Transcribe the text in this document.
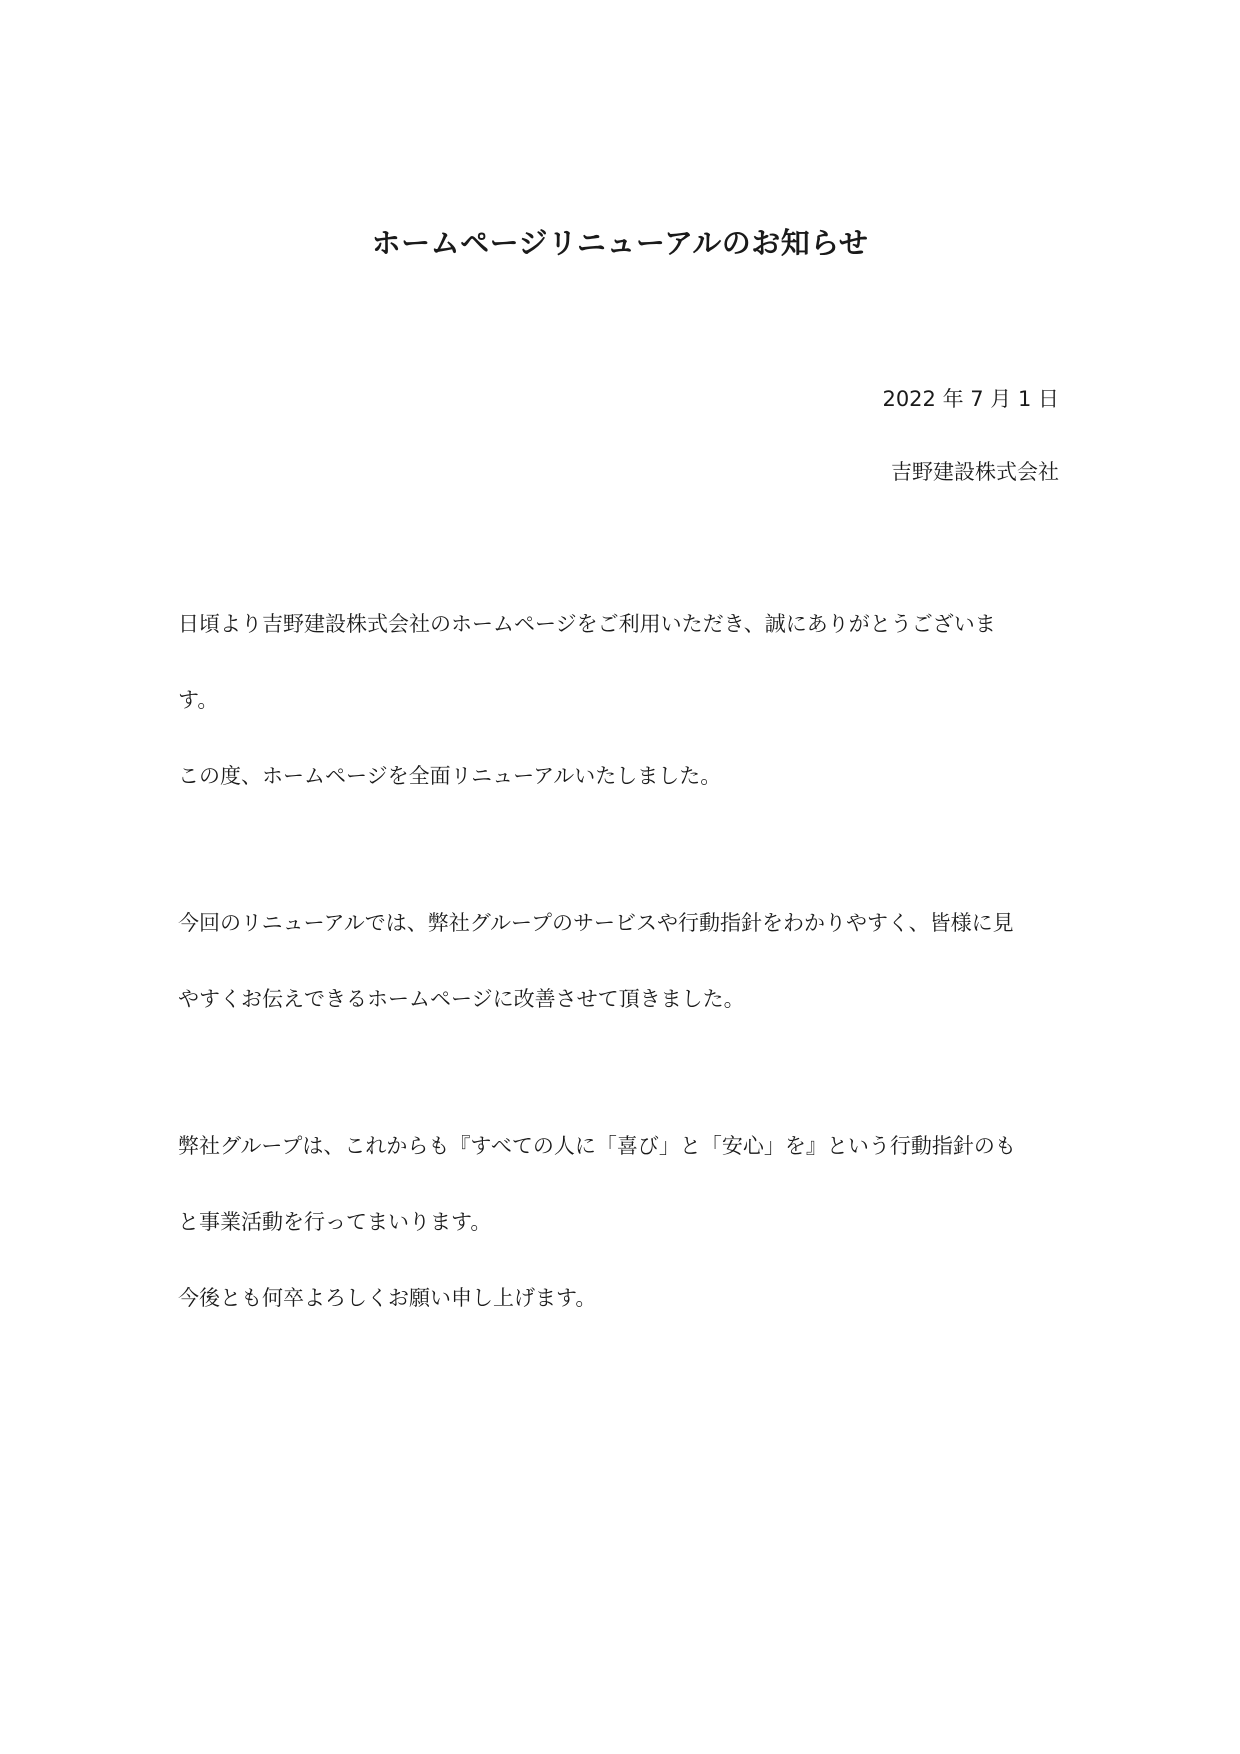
ホームページリニューアルのお知らせ
2022 年 7 月 1 日
吉野建設株式会社

日頃より吉野建設株式会社のホームページをご利用いただき、誠にありがとうございま

す。

この度、ホームページを全面リニューアルいたしました。

今回のリニューアルでは、弊社グループのサービスや行動指針をわかりやすく、皆様に見

やすくお伝えできるホームページに改善させて頂きました。

弊社グループは、これからも『すべての人に「喜び」と「安心」を』という行動指針のも

と事業活動を行ってまいります。

今後とも何卒よろしくお願い申し上げます。
